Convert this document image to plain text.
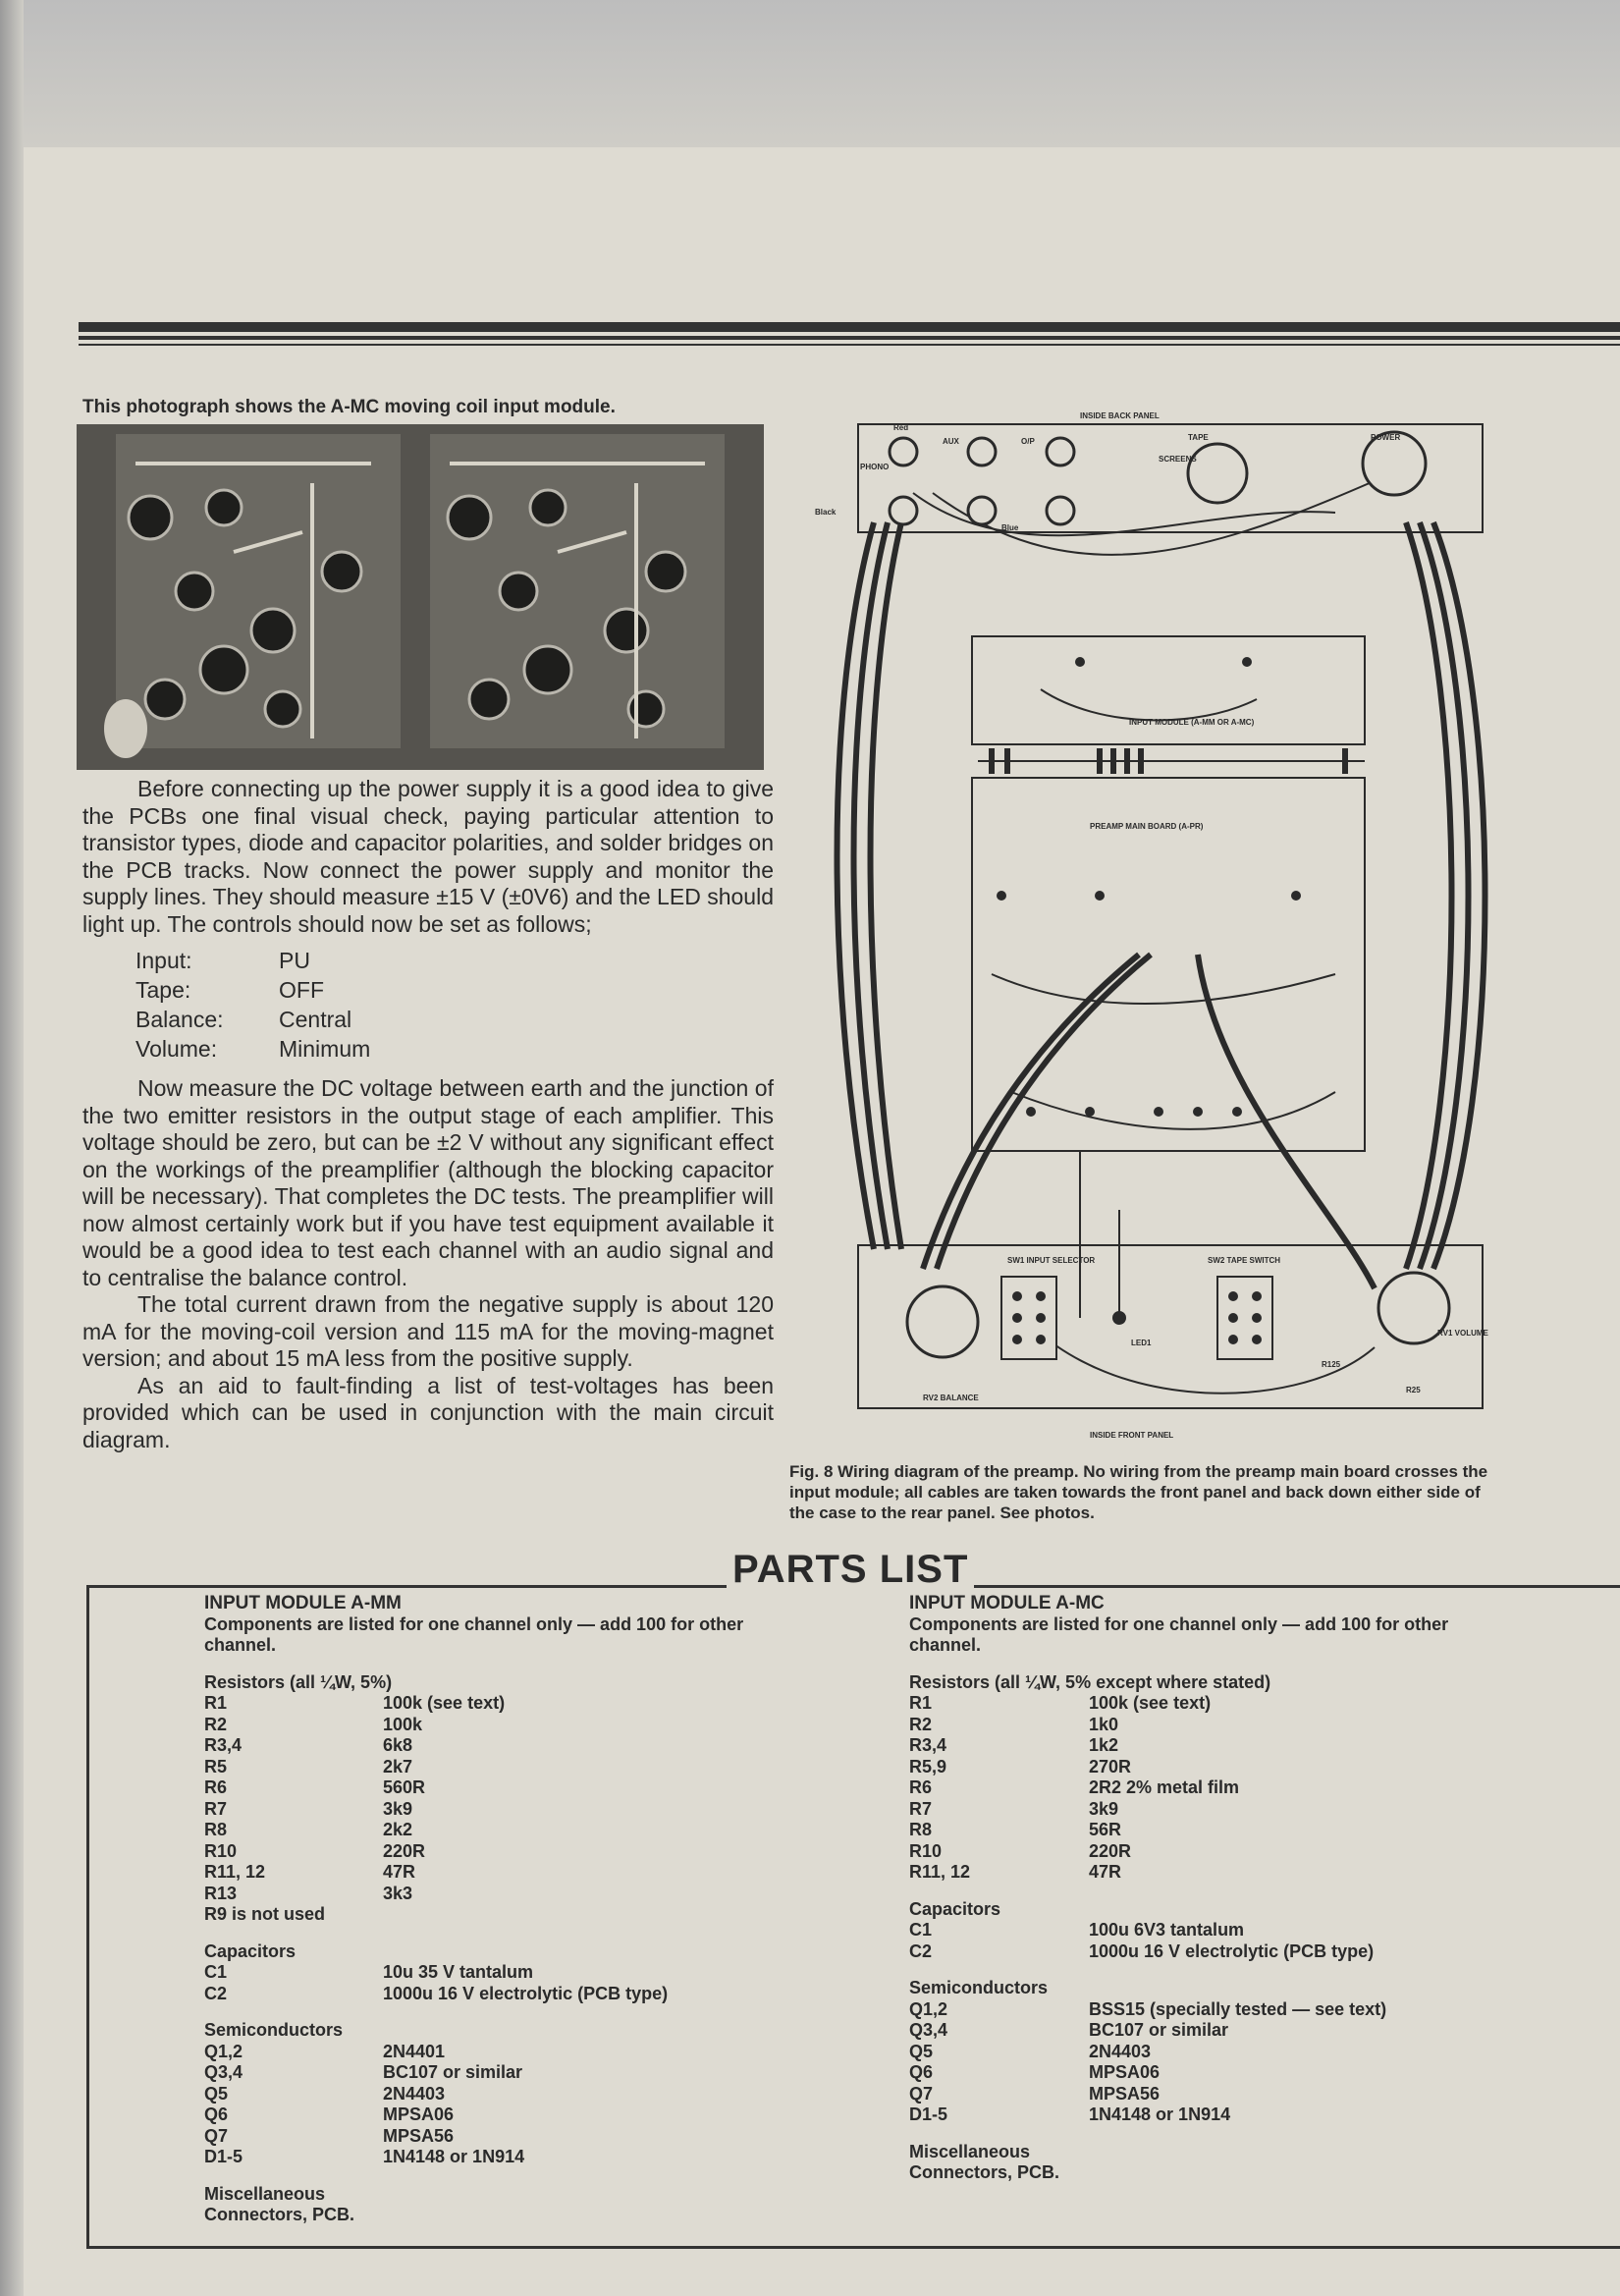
This photograph shows the A-MC moving coil input module.

Before connecting up the power supply it is a good idea to give the PCBs one final visual check, paying particular attention to transistor types, diode and capacitor polarities, and solder bridges on the PCB tracks. Now connect the power supply and monitor the supply lines. They should measure ±15 V (±0V6) and the LED should light up. The controls should now be set as follows;

Input:	PU
Tape:	OFF
Balance:	Central
Volume:	Minimum

Now measure the DC voltage between earth and the junction of the two emitter resistors in the output stage of each amplifier. This voltage should be zero, but can be ±2 V without any significant effect on the workings of the preamplifier (although the blocking capacitor will be necessary). That completes the DC tests. The preamplifier will now almost certainly work but if you have test equipment available it would be a good idea to test each channel with an audio signal and to centralise the balance control.

The total current drawn from the negative supply is about 120 mA for the moving-coil version and 115 mA for the moving-magnet version; and about 15 mA less from the positive supply.

As an aid to fault-finding a list of test-voltages has been provided which can be used in conjunction with the main circuit diagram.

INSIDE BACK PANEL
INSIDE FRONT PANEL
PHONO
AUX	O/P	TAPE
SCREENS
POWER
INPUT MODULE (A-MM OR A-MC)
PREAMP MAIN BOARD (A-PR)
SW1 INPUT SELECTOR	SW2 TAPE SWITCH
RV1 VOLUME
RV2 BALANCE
LED1
Red
Blue
Black
R125
R25
Fig. 8 Wiring diagram of the preamp. No wiring from the preamp main board crosses the input module; all cables are taken towards the front panel and back down either side of the case to the rear panel. See photos.
PARTS LIST
INPUT MODULE A-MM
Components are listed for one channel only — add 100 for other channel.
Resistors (all ¼W, 5%)
R1	100k (see text)
R2	100k
R3,4	6k8
R5	2k7
R6	560R
R7	3k9
R8	2k2
R10	220R
R11, 12	47R
R13	3k3
R9 is not used
Capacitors
C1	10u 35 V tantalum
C2	1000u 16 V electrolytic (PCB type)
Semiconductors
Q1,2	2N4401
Q3,4	BC107 or similar
Q5	2N4403
Q6	MPSA06
Q7	MPSA56
D1-5	1N4148 or 1N914
Miscellaneous
Connectors, PCB.
INPUT MODULE A-MC
Components are listed for one channel only — add 100 for other channel.
Resistors (all ¼W, 5% except where stated)
R1	100k (see text)
R2	1k0
R3,4	1k2
R5,9	270R
R6	2R2 2% metal film
R7	3k9
R8	56R
R10	220R
R11, 12	47R
Capacitors
C1	100u 6V3 tantalum
C2	1000u 16 V electrolytic (PCB type)
Semiconductors
Q1,2	BSS15 (specially tested — see text)
Q3,4	BC107 or similar
Q5	2N4403
Q6	MPSA06
Q7	MPSA56
D1-5	1N4148 or 1N914
Miscellaneous
Connectors, PCB.
